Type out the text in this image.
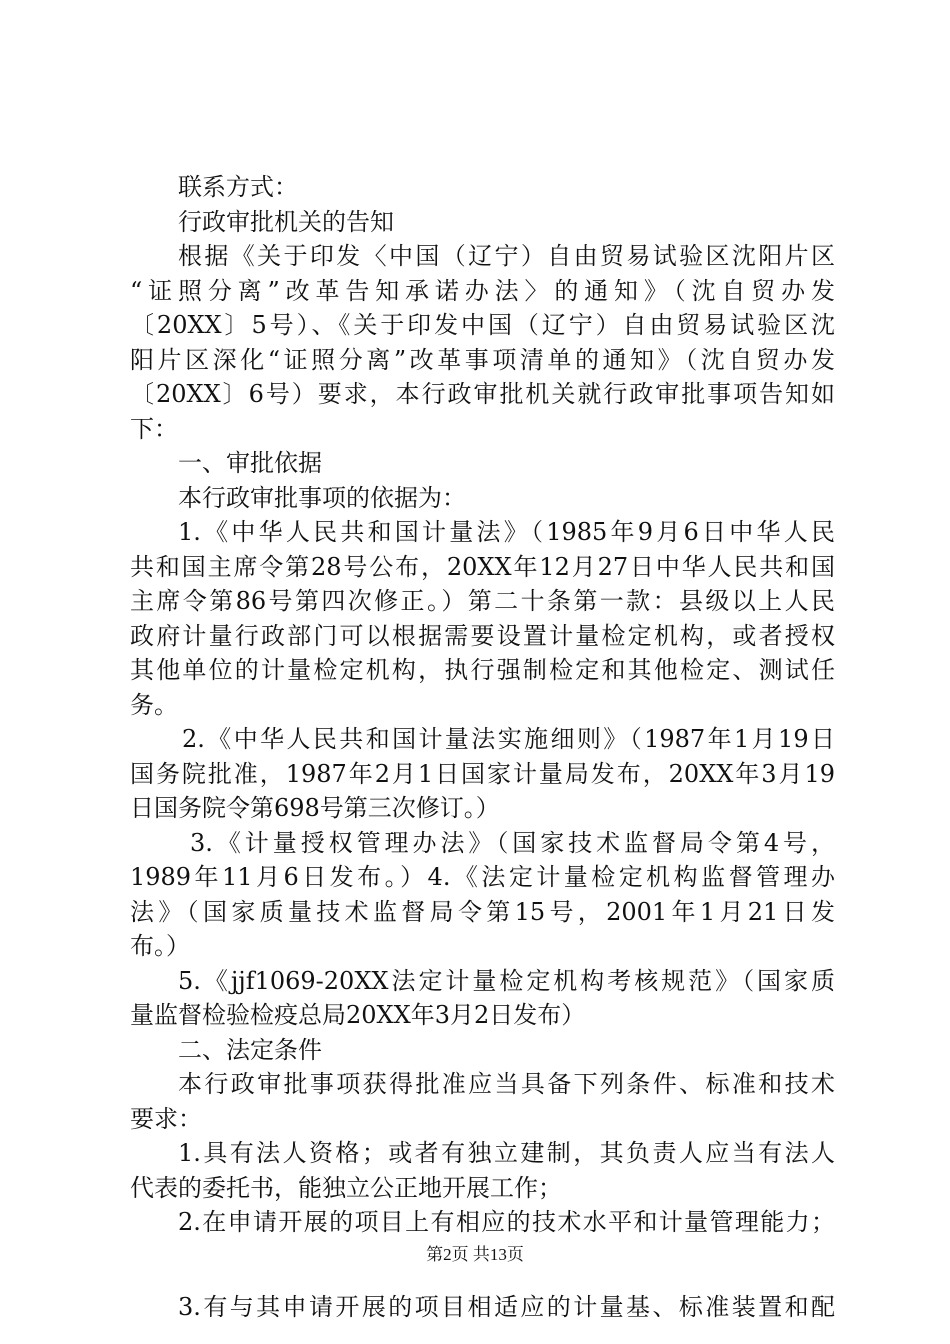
联系方式：
行政审批机关的告知
根据《关于印发〈中国（辽宁）自由贸易试验区沈阳片区
“证照分离”改革告知承诺办法〉的通知》（沈自贸办发
〔20XX〕5号）、《关于印发中国（辽宁）自由贸易试验区沈
阳片区深化“证照分离”改革事项清单的通知》（沈自贸办发
〔20XX〕6号）要求，本行政审批机关就行政审批事项告知如
下：
一、审批依据
本行政审批事项的依据为：
1.《中华人民共和国计量法》（1985年9月6日中华人民
共和国主席令第28号公布，20XX年12月27日中华人民共和国
主席令第86号第四次修正。）第二十条第一款：县级以上人民
政府计量行政部门可以根据需要设置计量检定机构，或者授权
其他单位的计量检定机构，执行强制检定和其他检定、测试任
务。
2.《中华人民共和国计量法实施细则》（1987年1月19日
国务院批准，1987年2月1日国家计量局发布，20XX年3月19
日国务院令第698号第三次修订。）
3.《计量授权管理办法》（国家技术监督局令第4号，
1989年11月6日发布。）4.《法定计量检定机构监督管理办
法》（国家质量技术监督局令第15号，2001年1月21日发
布。）
5.《jjf1069-20XX法定计量检定机构考核规范》（国家质
量监督检验检疫总局20XX年3月2日发布）
二、法定条件
本行政审批事项获得批准应当具备下列条件、标准和技术
要求：
1.具有法人资格；或者有独立建制，其负责人应当有法人
代表的委托书，能独立公正地开展工作；
2.在申请开展的项目上有相应的技术水平和计量管理能力；
3.有与其申请开展的项目相适应的计量基、标准装置和配
第2页 共13页
